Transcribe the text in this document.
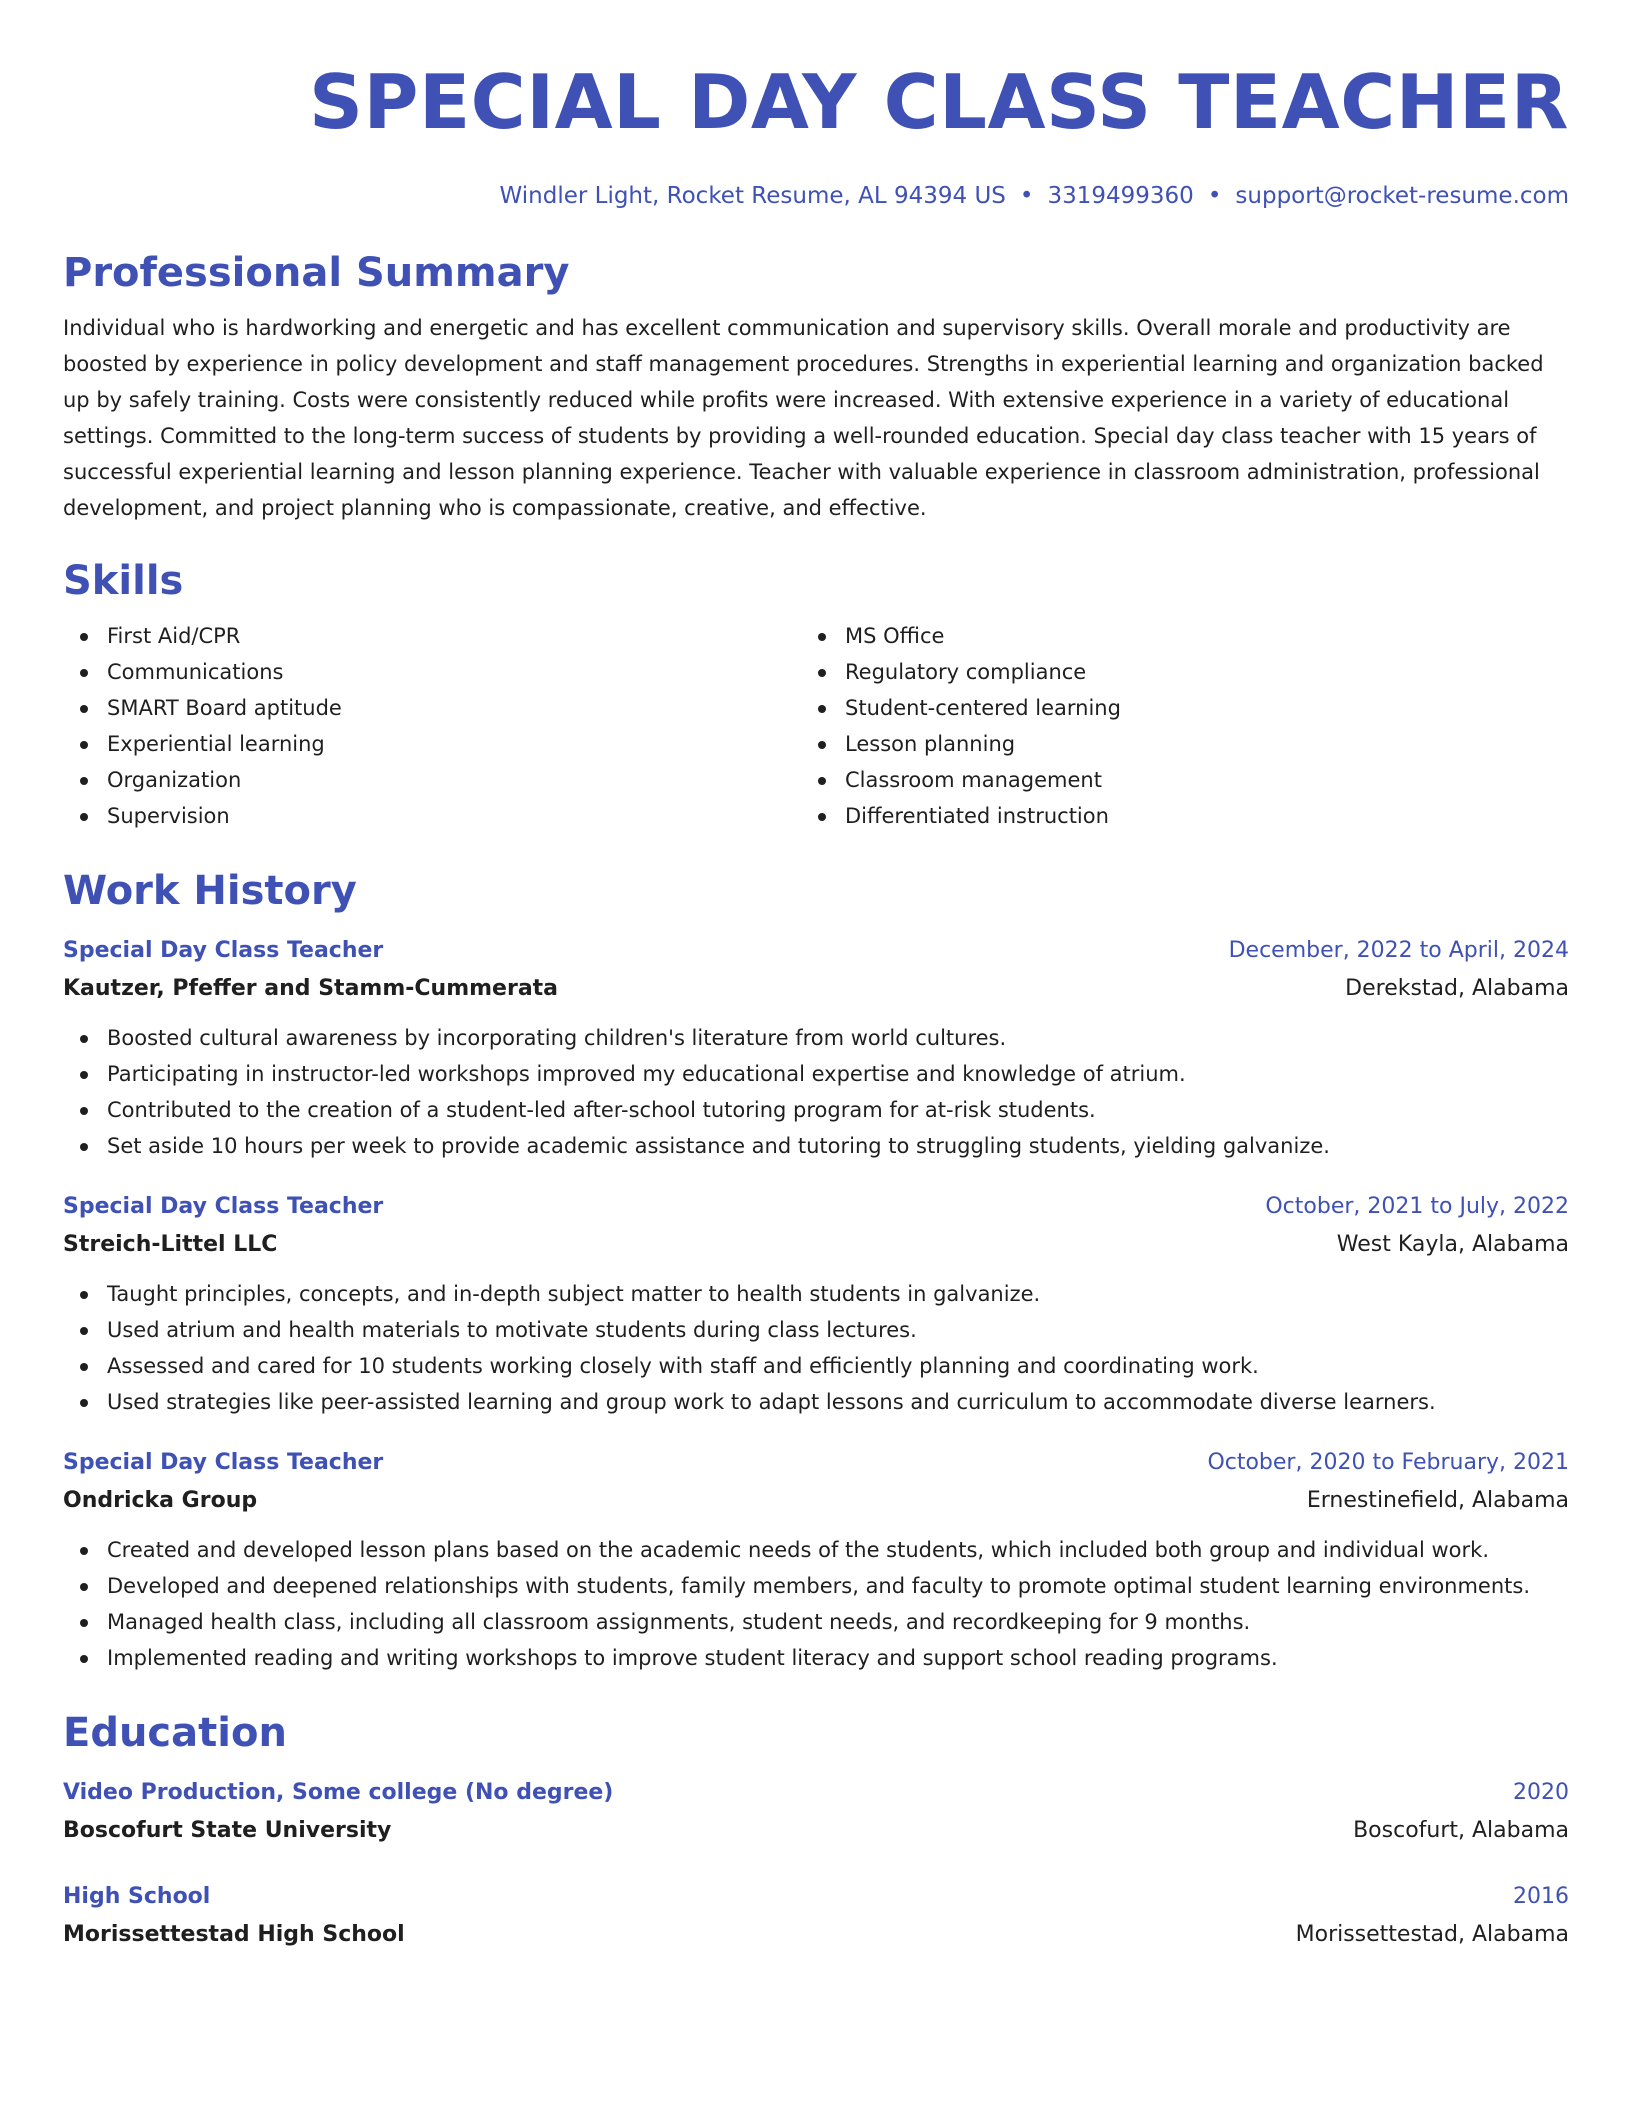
SPECIAL DAY CLASS TEACHER
Windler Light, Rocket Resume, AL 94394 US • 3319499360 • support@rocket-resume.com
Professional Summary
Individual who is hardworking and energetic and has excellent communication and supervisory skills. Overall morale and productivity are boosted by experience in policy development and staff management procedures. Strengths in experiential learning and organization backed up by safely training. Costs were consistently reduced while profits were increased. With extensive experience in a variety of educational settings. Committed to the long-term success of students by providing a well-rounded education. Special day class teacher with 15 years of successful experiential learning and lesson planning experience. Teacher with valuable experience in classroom administration, professional development, and project planning who is compassionate, creative, and effective.
Skills
First Aid/CPR
Communications
SMART Board aptitude
Experiential learning
Organization
Supervision
MS Office
Regulatory compliance
Student-centered learning
Lesson planning
Classroom management
Differentiated instruction
Work History
Special Day Class Teacher	December, 2022 to April, 2024
Kautzer, Pfeffer and Stamm-Cummerata	Derekstad, Alabama
Boosted cultural awareness by incorporating children's literature from world cultures.
Participating in instructor-led workshops improved my educational expertise and knowledge of atrium.
Contributed to the creation of a student-led after-school tutoring program for at-risk students.
Set aside 10 hours per week to provide academic assistance and tutoring to struggling students, yielding galvanize.
Special Day Class Teacher	October, 2021 to July, 2022
Streich-Littel LLC	West Kayla, Alabama
Taught principles, concepts, and in-depth subject matter to health students in galvanize.
Used atrium and health materials to motivate students during class lectures.
Assessed and cared for 10 students working closely with staff and efficiently planning and coordinating work.
Used strategies like peer-assisted learning and group work to adapt lessons and curriculum to accommodate diverse learners.
Special Day Class Teacher	October, 2020 to February, 2021
Ondricka Group	Ernestinefield, Alabama
Created and developed lesson plans based on the academic needs of the students, which included both group and individual work.
Developed and deepened relationships with students, family members, and faculty to promote optimal student learning environments.
Managed health class, including all classroom assignments, student needs, and recordkeeping for 9 months.
Implemented reading and writing workshops to improve student literacy and support school reading programs.
Education
Video Production, Some college (No degree)	2020
Boscofurt State University	Boscofurt, Alabama
High School	2016
Morissettestad High School	Morissettestad, Alabama
